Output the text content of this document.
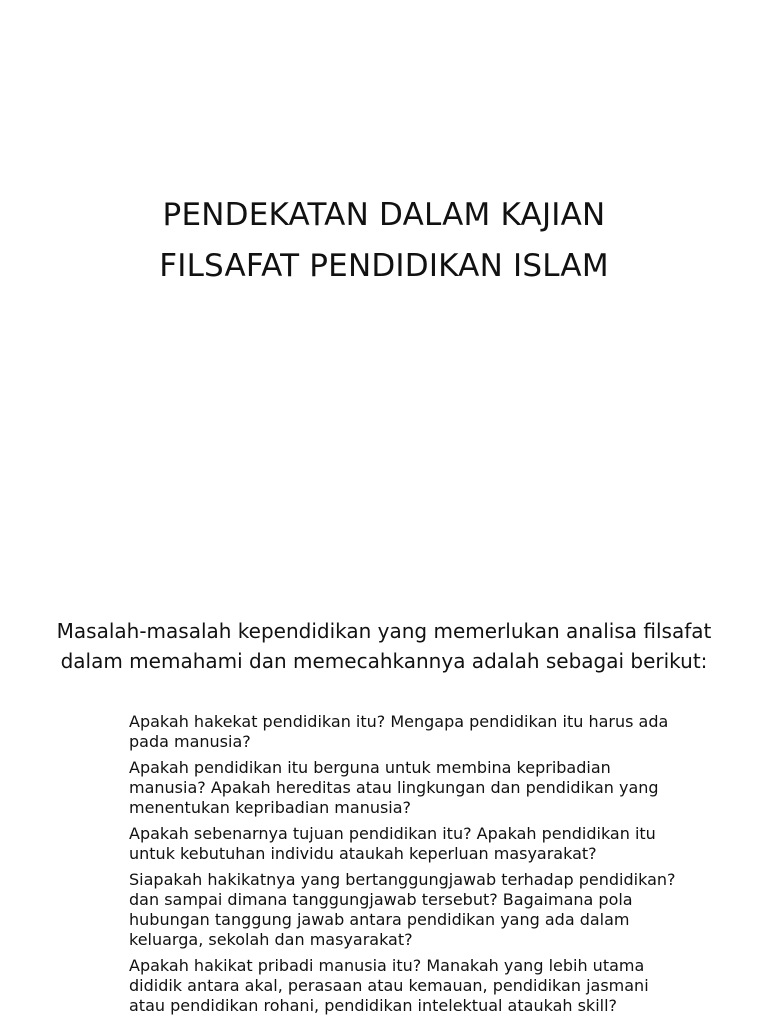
PENDEKATAN DALAM KAJIAN
FILSAFAT PENDIDIKAN ISLAM

Masalah-masalah kependidikan yang memerlukan analisa filsafat
dalam memahami dan memecahkannya adalah sebagai berikut:

Apakah hakekat pendidikan itu? Mengapa pendidikan itu harus ada
pada manusia?
Apakah pendidikan itu berguna untuk membina kepribadian
manusia? Apakah hereditas atau lingkungan dan pendidikan yang
menentukan kepribadian manusia?
Apakah sebenarnya tujuan pendidikan itu? Apakah pendidikan itu
untuk kebutuhan individu ataukah keperluan masyarakat?
Siapakah hakikatnya yang bertanggungjawab terhadap pendidikan?
dan sampai dimana tanggungjawab tersebut? Bagaimana pola
hubungan tanggung jawab antara pendidikan yang ada dalam
keluarga, sekolah dan masyarakat?
Apakah hakikat pribadi manusia itu? Manakah yang lebih utama
dididik antara akal, perasaan atau kemauan, pendidikan jasmani
atau pendidikan rohani, pendidikan intelektual ataukah skill?
